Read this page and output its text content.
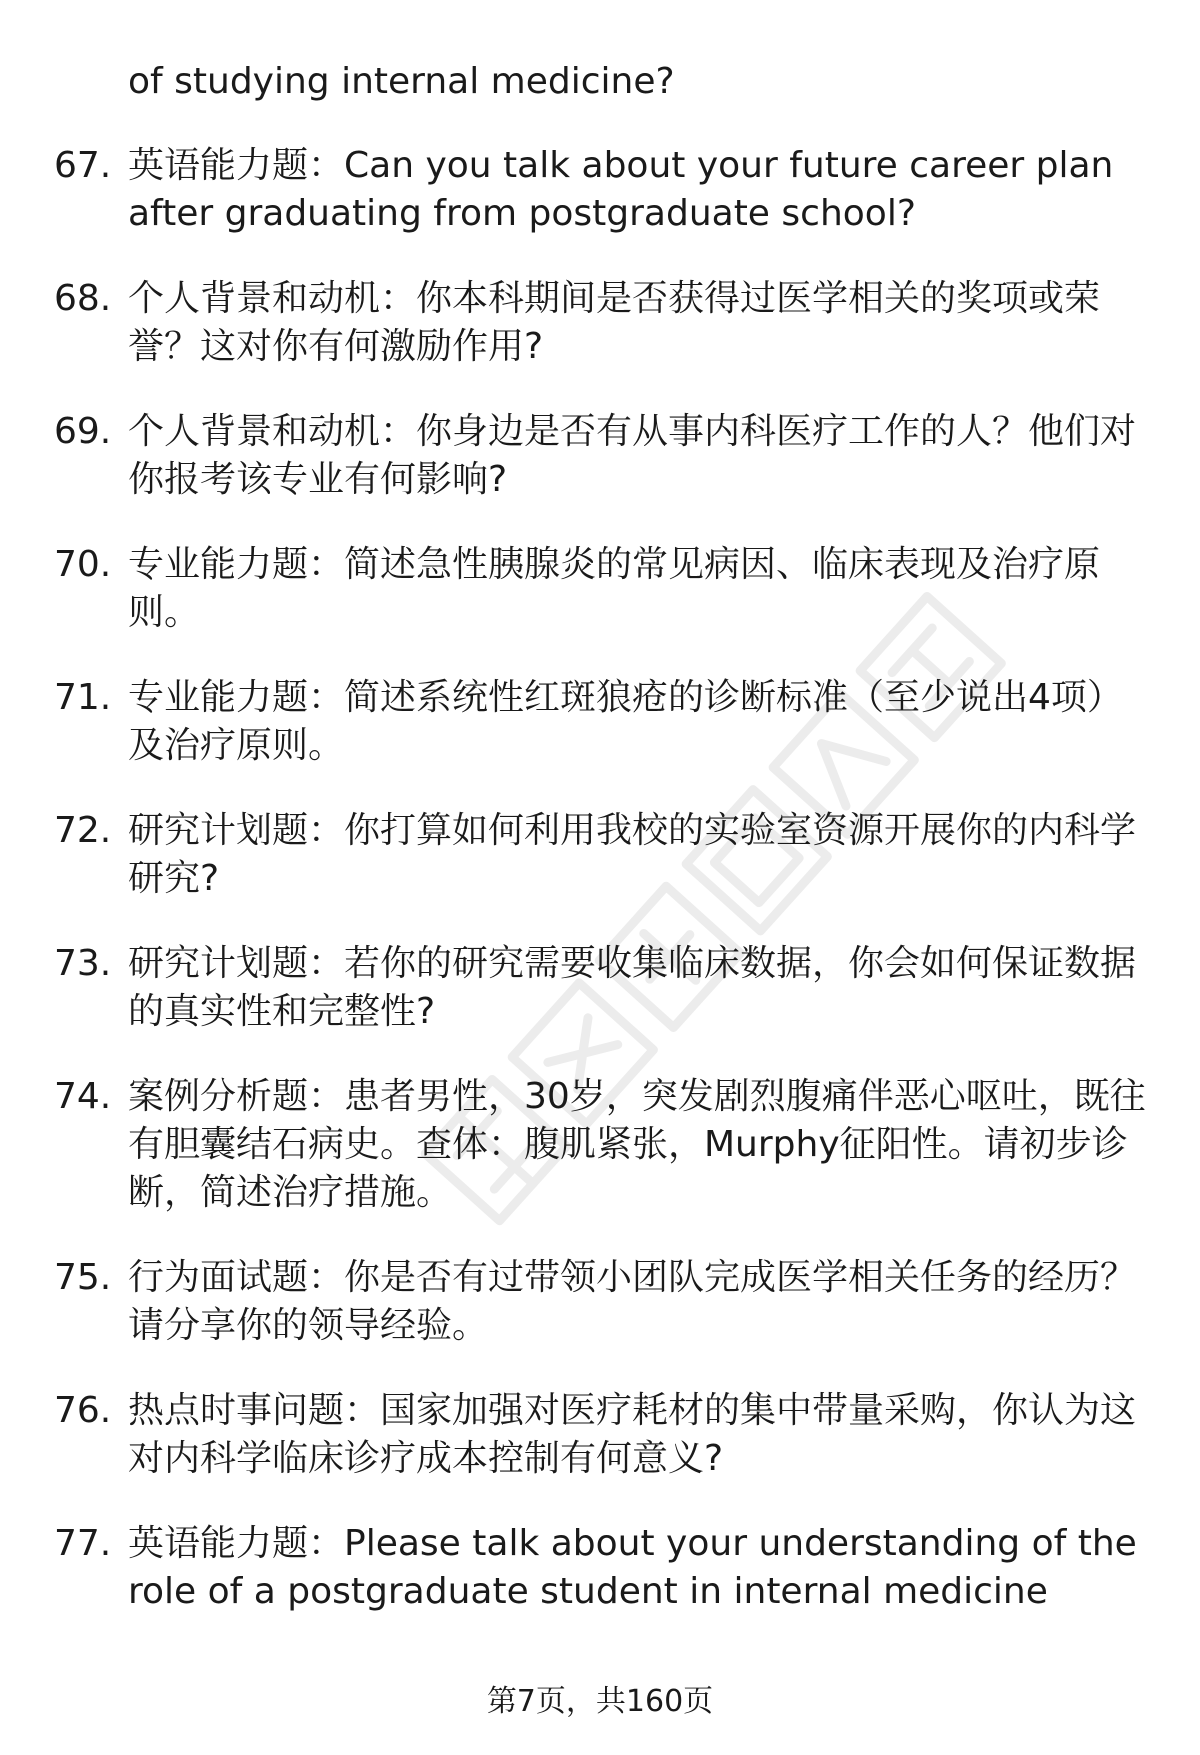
of studying internal medicine?

67. 英语能力题：Can you talk about your future career plan after graduating from postgraduate school?
68. 个人背景和动机：你本科期间是否获得过医学相关的奖项或荣誉？这对你有何激励作用?
69. 个人背景和动机：你身边是否有从事内科医疗工作的人？他们对你报考该专业有何影响?
70. 专业能力题：简述急性胰腺炎的常见病因、临床表现及治疗原则。
71. 专业能力题：简述系统性红斑狼疮的诊断标准（至少说出4项）及治疗原则。
72. 研究计划题：你打算如何利用我校的实验室资源开展你的内科学研究?
73. 研究计划题：若你的研究需要收集临床数据，你会如何保证数据的真实性和完整性?
74. 案例分析题：患者男性，30岁，突发剧烈腹痛伴恶心呕吐，既往有胆囊结石病史。查体：腹肌紧张，Murphy征阳性。请初步诊断，简述治疗措施。
75. 行为面试题：你是否有过带领小团队完成医学相关任务的经历？请分享你的领导经验。
76. 热点时事问题：国家加强对医疗耗材的集中带量采购，你认为这对内科学临床诊疗成本控制有何意义?
77. 英语能力题：Please talk about your understanding of the role of a postgraduate student in internal medicine
第7页，共160页
